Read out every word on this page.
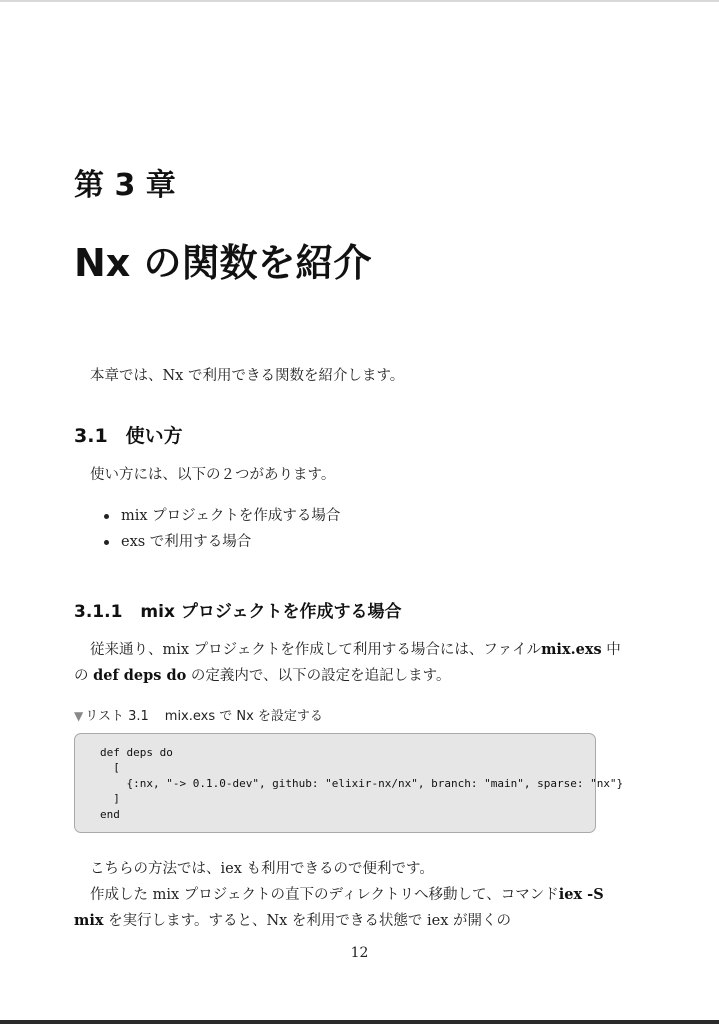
第 3 章
Nx の関数を紹介
本章では、Nx で利用できる関数を紹介します。
3.1 使い方
使い方には、以下の２つがあります。
mix プロジェクトを作成する場合
exs で利用する場合
3.1.1 mix プロジェクトを作成する場合
従来通り、mix プロジェクトを作成して利用する場合には、ファイルmix.exs 中の def deps do の定義内で、以下の設定を追記します。
▼ リスト 3.1 mix.exs で Nx を設定する
def deps do
[
{:nx, "-> 0.1.0-dev", github: "elixir-nx/nx", branch: "main", sparse: "nx"}
]
end
こちらの方法では、iex も利用できるので便利です。
作成した mix プロジェクトの直下のディレクトリへ移動して、コマンドiex -S mix を実行します。すると、Nx を利用できる状態で iex が開くの
12
